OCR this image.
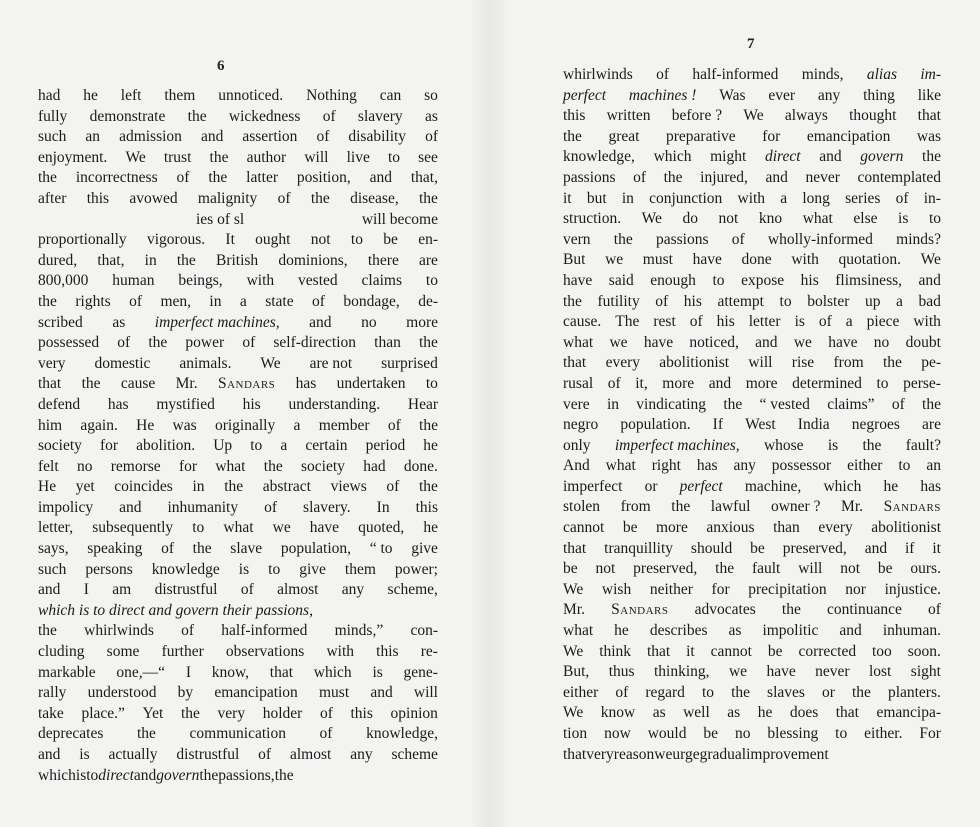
6
had he left them unnoticed. Nothing can so
fully demonstrate the wickedness of slavery as
such an admission and assertion of disability of
enjoyment. We trust the author will live to see
the incorrectness of the latter position, and that,
after this avowed malignity of the disease, the
ies of sl	will become
proportionally vigorous. It ought not to be en-
dured, that, in the British dominions, there are
800,000 human beings, with vested claims to
the rights of men, in a state of bondage, de-
scribed as imperfect machines, and no more
possessed of the power of self-direction than the
very domestic animals. We are not surprised
that the cause Mr. Sandars has undertaken to
defend has mystified his understanding. Hear
him again. He was originally a member of the
society for abolition. Up to a certain period he
felt no remorse for what the society had done.
He yet coincides in the abstract views of the
impolicy and inhumanity of slavery. In this
letter, subsequently to what we have quoted, he
says, speaking of the slave population, “ to give
such persons knowledge is to give them power;
and I am distrustful of almost any scheme,
which is to direct and govern their passions,
the whirlwinds of half-informed minds,” con-
cluding some further observations with this re-
markable one,—“ I know, that which is gene-
rally understood by emancipation must and will
take place.” Yet the very holder of this opinion
deprecates the communication of knowledge,
and is actually distrustful of almost any scheme
which is to direct and govern the passions, the
7
whirlwinds of half-informed minds, alias im-
perfect machines ! Was ever any thing like
this written before ? We always thought that
the great preparative for emancipation was
knowledge, which might direct and govern the
passions of the injured, and never contemplated
it but in conjunction with a long series of in-
struction. We do not kno what else is to
vern the passions of wholly-informed minds?
But we must have done with quotation. We
have said enough to expose his flimsiness, and
the futility of his attempt to bolster up a bad
cause. The rest of his letter is of a piece with
what we have noticed, and we have no doubt
that every abolitionist will rise from the pe-
rusal of it, more and more determined to perse-
vere in vindicating the “ vested claims” of the
negro population. If West India negroes are
only imperfect machines, whose is the fault?
And what right has any possessor either to an
imperfect or perfect machine, which he has
stolen from the lawful owner ? Mr. Sandars
cannot be more anxious than every abolitionist
that tranquillity should be preserved, and if it
be not preserved, the fault will not be ours.
We wish neither for precipitation nor injustice.
Mr. Sandars advocates the continuance of
what he describes as impolitic and inhuman.
We think that it cannot be corrected too soon.
But, thus thinking, we have never lost sight
either of regard to the slaves or the planters.
We know as well as he does that emancipa-
tion now would be no blessing to either. For
that very reason we urge gradual improvement
